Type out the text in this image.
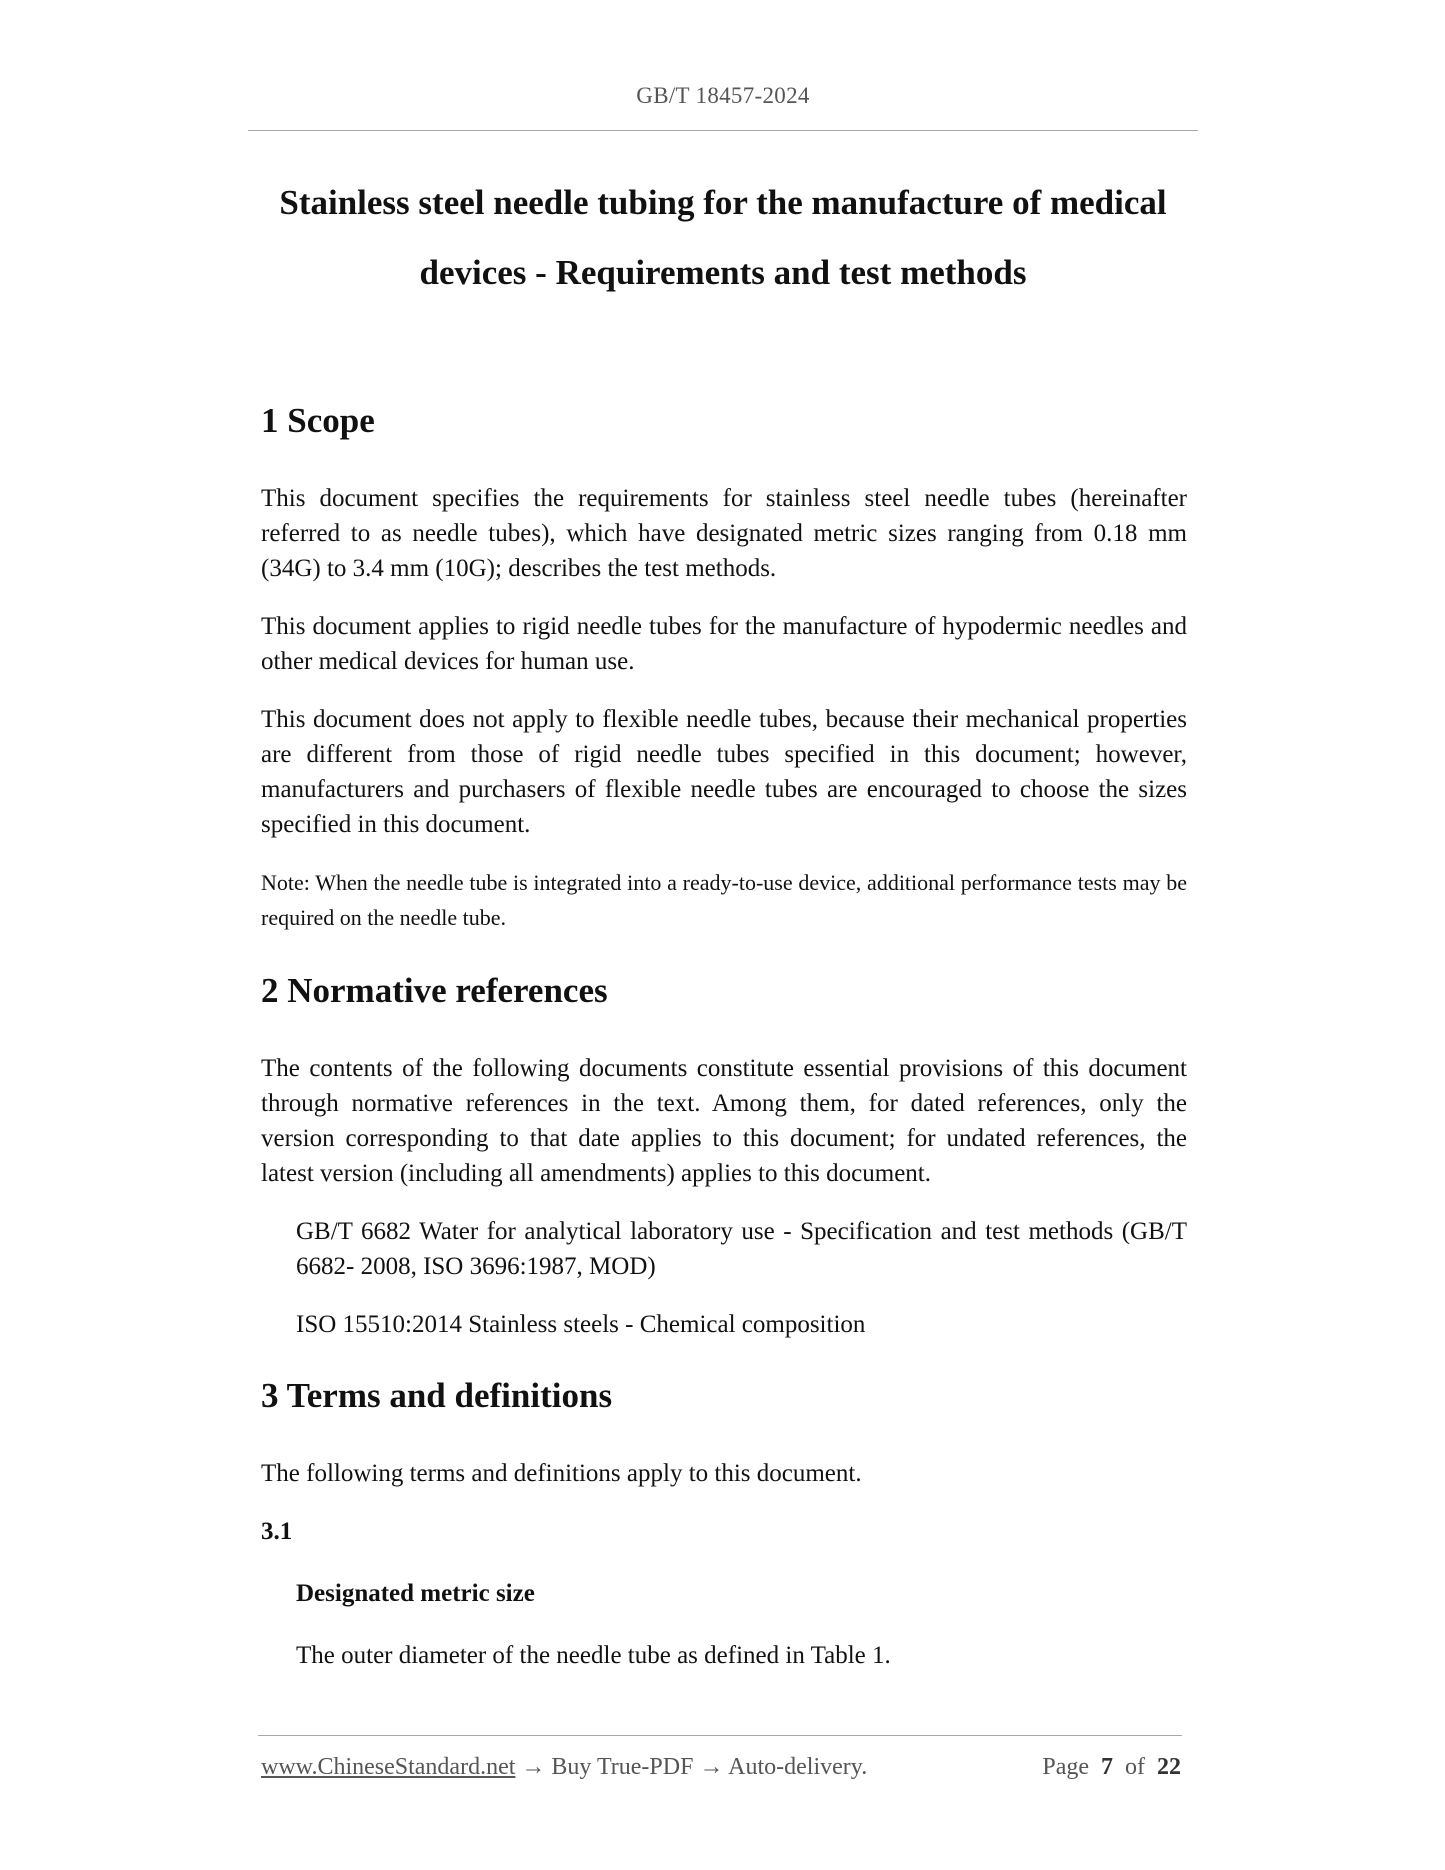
GB/T 18457-2024
Stainless steel needle tubing for the manufacture of medical
devices - Requirements and test methods
1 Scope

This document specifies the requirements for stainless steel needle tubes (hereinafter referred to as needle tubes), which have designated metric sizes ranging from 0.18 mm (34G) to 3.4 mm (10G); describes the test methods.

This document applies to rigid needle tubes for the manufacture of hypodermic needles and other medical devices for human use.

This document does not apply to flexible needle tubes, because their mechanical properties are different from those of rigid needle tubes specified in this document; however, manufacturers and purchasers of flexible needle tubes are encouraged to choose the sizes specified in this document.

Note: When the needle tube is integrated into a ready-to-use device, additional performance tests may be required on the needle tube.

2 Normative references

The contents of the following documents constitute essential provisions of this document through normative references in the text. Among them, for dated references, only the version corresponding to that date applies to this document; for undated references, the latest version (including all amendments) applies to this document.

GB/T 6682 Water for analytical laboratory use - Specification and test methods (GB/T 6682- 2008, ISO 3696:1987, MOD)

ISO 15510:2014 Stainless steels - Chemical composition

3 Terms and definitions

The following terms and definitions apply to this document.

3.1
Designated metric size

The outer diameter of the needle tube as defined in Table 1.

www.ChineseStandard.net → Buy True-PDF → Auto-delivery.	Page 7 of 22
